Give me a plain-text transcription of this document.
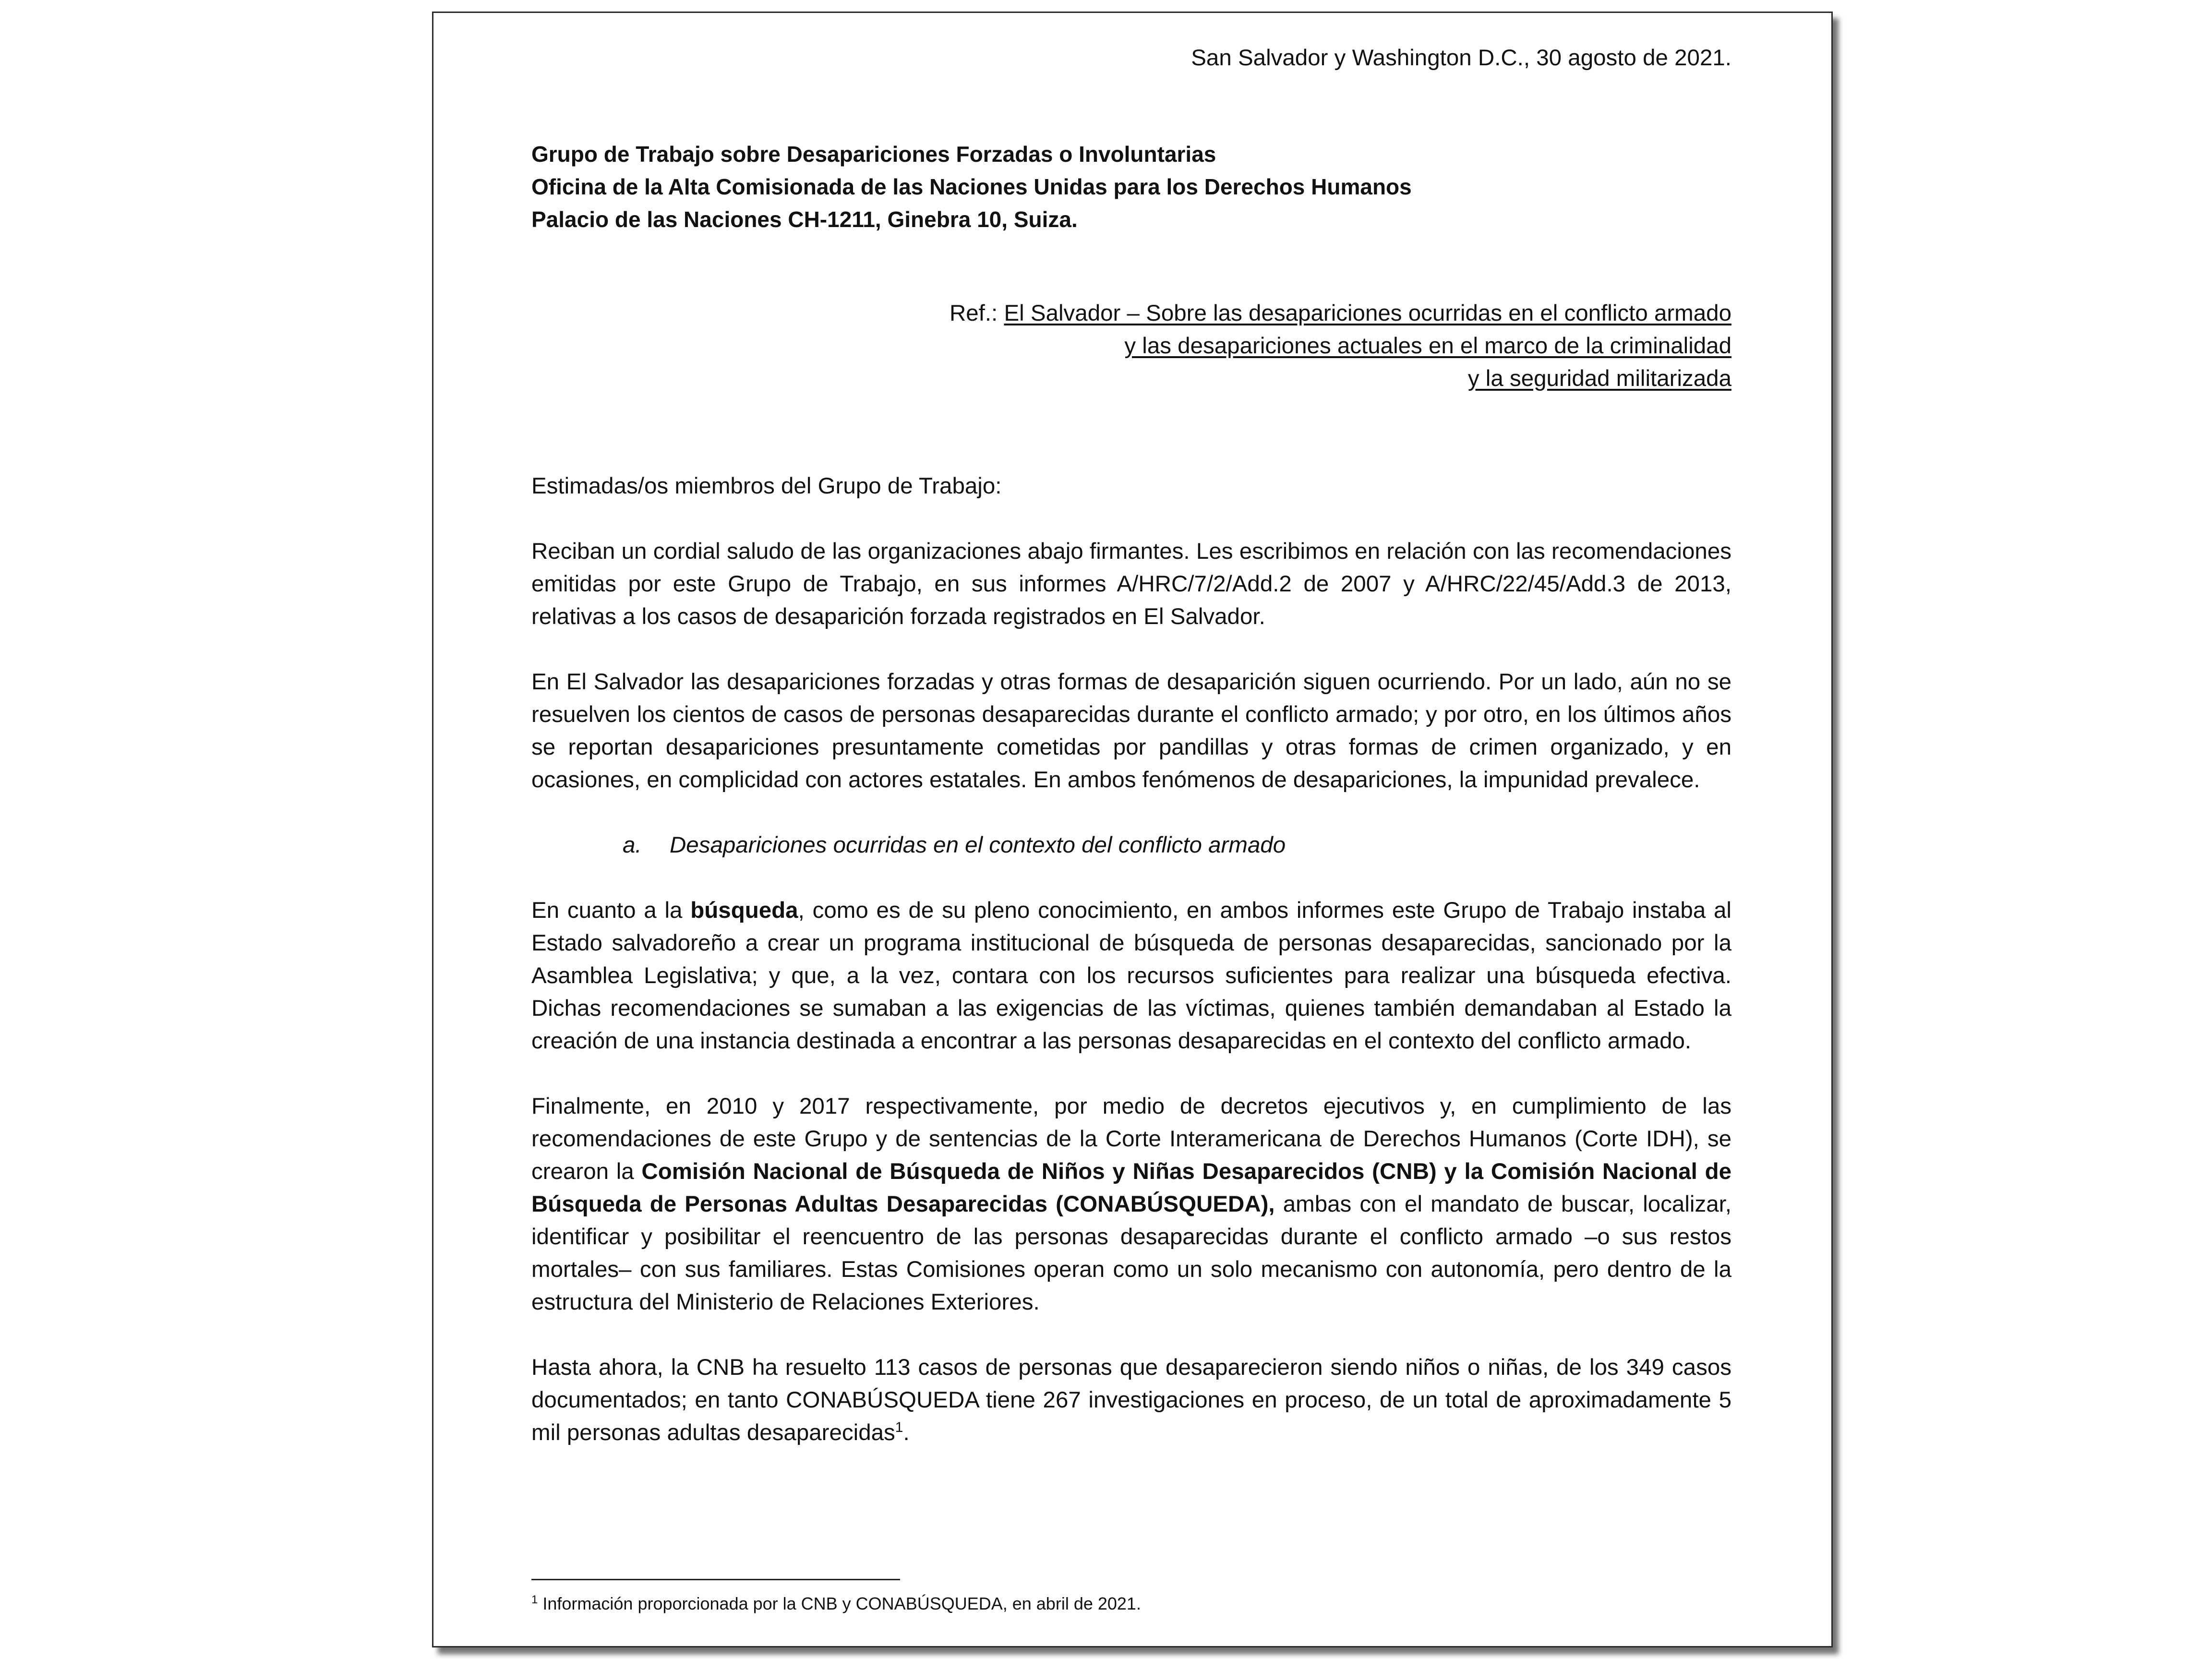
San Salvador y Washington D.C., 30 agosto de 2021.
Grupo de Trabajo sobre Desapariciones Forzadas o Involuntarias
Oficina de la Alta Comisionada de las Naciones Unidas para los Derechos Humanos
Palacio de las Naciones CH-1211, Ginebra 10, Suiza.
Ref.: El Salvador – Sobre las desapariciones ocurridas en el conflicto armado
y las desapariciones actuales en el marco de la criminalidad
y la seguridad militarizada
Estimadas/os miembros del Grupo de Trabajo:

Reciban un cordial saludo de las organizaciones abajo firmantes. Les escribimos en relación con las recomendaciones emitidas por este Grupo de Trabajo, en sus informes A/HRC/7/2/Add.2 de 2007 y A/HRC/22/45/Add.3 de 2013, relativas a los casos de desaparición forzada registrados en El Salvador.

En El Salvador las desapariciones forzadas y otras formas de desaparición siguen ocurriendo. Por un lado, aún no se resuelven los cientos de casos de personas desaparecidas durante el conflicto armado; y por otro, en los últimos años se reportan desapariciones presuntamente cometidas por pandillas y otras formas de crimen organizado, y en ocasiones, en complicidad con actores estatales. En ambos fenómenos de desapariciones, la impunidad prevalece.

a. Desapariciones ocurridas en el contexto del conflicto armado

En cuanto a la búsqueda, como es de su pleno conocimiento, en ambos informes este Grupo de Trabajo instaba al Estado salvadoreño a crear un programa institucional de búsqueda de personas desaparecidas, sancionado por la Asamblea Legislativa; y que, a la vez, contara con los recursos suficientes para realizar una búsqueda efectiva. Dichas recomendaciones se sumaban a las exigencias de las víctimas, quienes también demandaban al Estado la creación de una instancia destinada a encontrar a las personas desaparecidas en el contexto del conflicto armado.

Finalmente, en 2010 y 2017 respectivamente, por medio de decretos ejecutivos y, en cumplimiento de las recomendaciones de este Grupo y de sentencias de la Corte Interamericana de Derechos Humanos (Corte IDH), se crearon la Comisión Nacional de Búsqueda de Niños y Niñas Desaparecidos (CNB) y la Comisión Nacional de Búsqueda de Personas Adultas Desaparecidas (CONABÚSQUEDA), ambas con el mandato de buscar, localizar, identificar y posibilitar el reencuentro de las personas desaparecidas durante el conflicto armado –o sus restos mortales– con sus familiares. Estas Comisiones operan como un solo mecanismo con autonomía, pero dentro de la estructura del Ministerio de Relaciones Exteriores.

Hasta ahora, la CNB ha resuelto 113 casos de personas que desaparecieron siendo niños o niñas, de los 349 casos documentados; en tanto CONABÚSQUEDA tiene 267 investigaciones en proceso, de un total de aproximadamente 5 mil personas adultas desaparecidas$^1$.

$^1$ Información proporcionada por la CNB y CONABÚSQUEDA, en abril de 2021.
